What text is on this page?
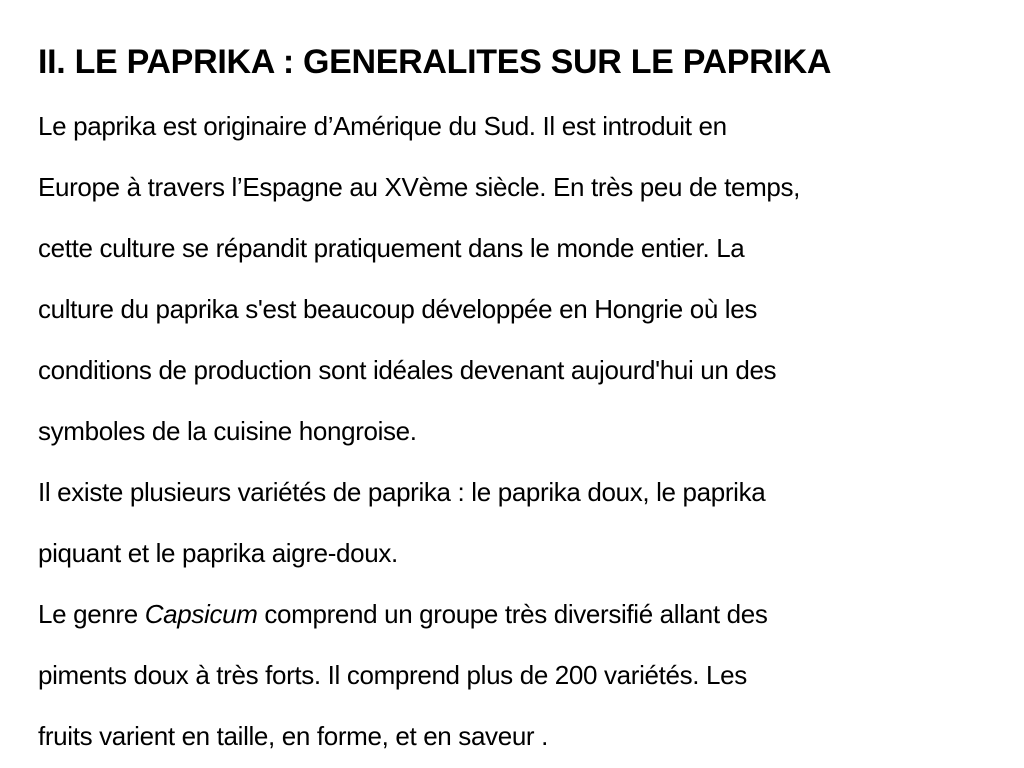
II. LE PAPRIKA : GENERALITES SUR LE PAPRIKA
Le paprika est originaire d’Amérique du Sud. Il est introduit en
Europe à travers l’Espagne au XVème siècle. En très peu de temps,
cette culture se répandit pratiquement dans le monde entier. La
culture du paprika s'est beaucoup développée en Hongrie où les
conditions de production sont idéales devenant aujourd'hui un des
symboles de la cuisine hongroise.
Il existe plusieurs variétés de paprika : le paprika doux, le paprika
piquant et le paprika aigre-doux.
Le genre Capsicum comprend un groupe très diversifié allant des
piments doux à très forts. Il comprend plus de 200 variétés. Les
fruits varient en taille, en forme, et en saveur .
